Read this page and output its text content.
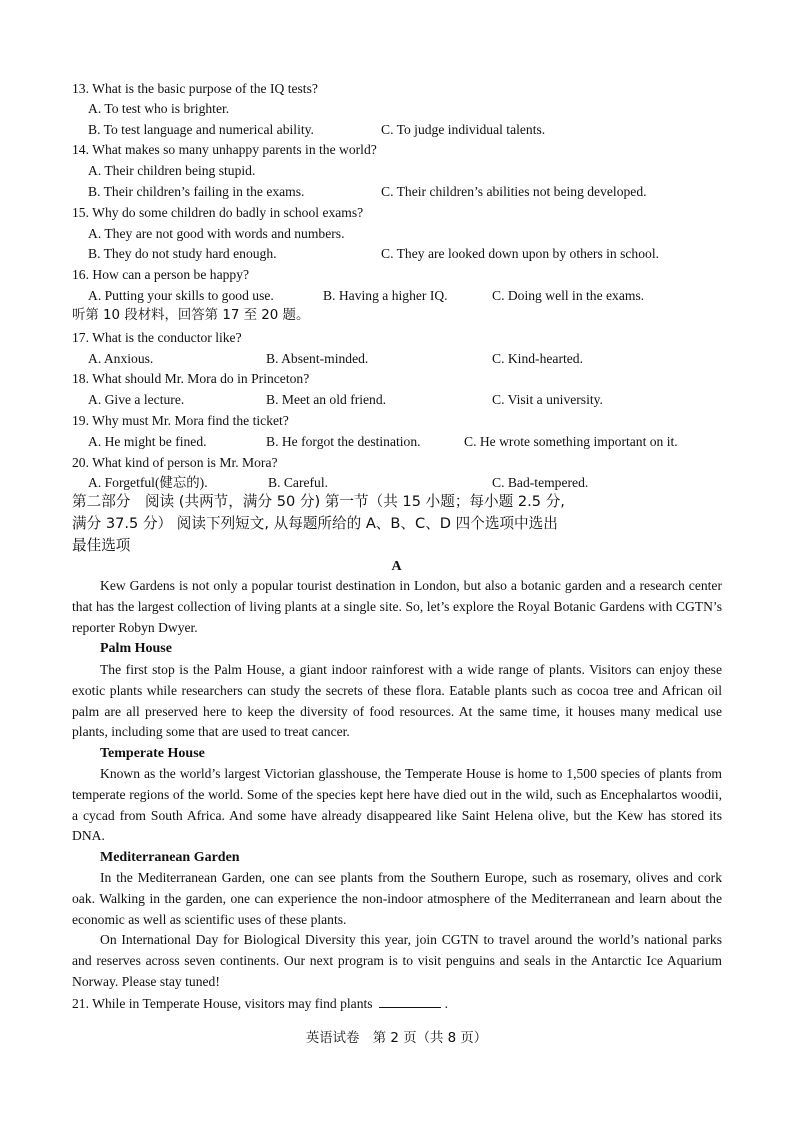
13. What is the basic purpose of the IQ tests?
A. To test who is brighter.
B. To test language and numerical ability.	C. To judge individual talents.
14. What makes so many unhappy parents in the world?
A. Their children being stupid.
B. Their children’s failing in the exams.	C. Their children’s abilities not being developed.
15. Why do some children do badly in school exams?
A. They are not good with words and numbers.
B. They do not study hard enough.	C. They are looked down upon by others in school.
16. How can a person be happy?
A. Putting your skills to good use.	B. Having a higher IQ.	C. Doing well in the exams.
听第 10 段材料，回答第 17 至 20 题。
17. What is the conductor like?
A. Anxious.	B. Absent-minded.	C. Kind-hearted.
18. What should Mr. Mora do in Princeton?
A. Give a lecture.	B. Meet an old friend.	C. Visit a university.
19. Why must Mr. Mora find the ticket?
A. He might be fined.	B. He forgot the destination.	C. He wrote something important on it.
20. What kind of person is Mr. Mora?
A. Forgetful(健忘的).	B. Careful.	C. Bad-tempered.
第二部分　阅读 (共两节，满分 50 分) 第一节（共 15 小题；每小题 2.5 分,
满分 37.5 分） 阅读下列短文, 从每题所给的 A、B、C、D 四个选项中选出
最佳选项
A

Kew Gardens is not only a popular tourist destination in London, but also a botanic garden and a research center that has the largest collection of living plants at a single site. So, let’s explore the Royal Botanic Gardens with CGTN’s reporter Robyn Dwyer.

Palm House

The first stop is the Palm House, a giant indoor rainforest with a wide range of plants. Visitors can enjoy these exotic plants while researchers can study the secrets of these flora. Eatable plants such as cocoa tree and African oil palm are all preserved here to keep the diversity of food resources. At the same time, it houses many medical use plants, including some that are used to treat cancer.

Temperate House

Known as the world’s largest Victorian glasshouse, the Temperate House is home to 1,500 species of plants from temperate regions of the world. Some of the species kept here have died out in the wild, such as Encephalartos woodii, a cycad from South Africa. And some have already disappeared like Saint Helena olive, but the Kew has stored its DNA.

Mediterranean Garden

In the Mediterranean Garden, one can see plants from the Southern Europe, such as rosemary, olives and cork oak. Walking in the garden, one can experience the non-indoor atmosphere of the Mediterranean and learn about the economic as well as scientific uses of these plants.

On International Day for Biological Diversity this year, join CGTN to travel around the world’s national parks and reserves across seven continents. Our next program is to visit penguins and seals in the Antarctic Ice Aquarium Norway. Please stay tuned!

21. While in Temperate House, visitors may find plants	.
英语试卷　第 2 页（共 8 页）
